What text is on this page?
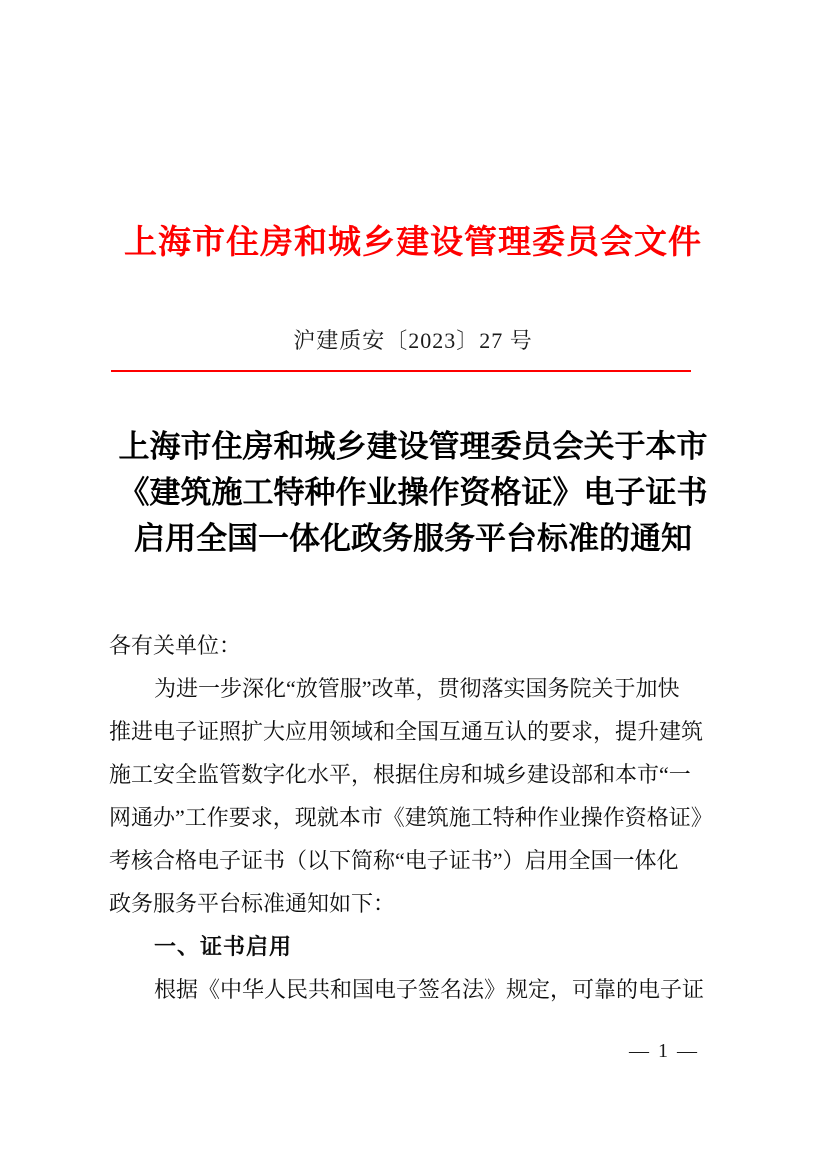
上海市住房和城乡建设管理委员会文件
沪建质安〔2023〕27 号
上海市住房和城乡建设管理委员会关于本市
《建筑施工特种作业操作资格证》电子证书
启用全国一体化政务服务平台标准的通知
各有关单位：
为进一步深化“放管服”改革，贯彻落实国务院关于加快
推进电子证照扩大应用领域和全国互通互认的要求，提升建筑
施工安全监管数字化水平，根据住房和城乡建设部和本市“一
网通办”工作要求，现就本市《建筑施工特种作业操作资格证》
考核合格电子证书（以下简称“电子证书”）启用全国一体化
政务服务平台标准通知如下：
一、证书启用
根据《中华人民共和国电子签名法》规定，可靠的电子证
— 1 —
